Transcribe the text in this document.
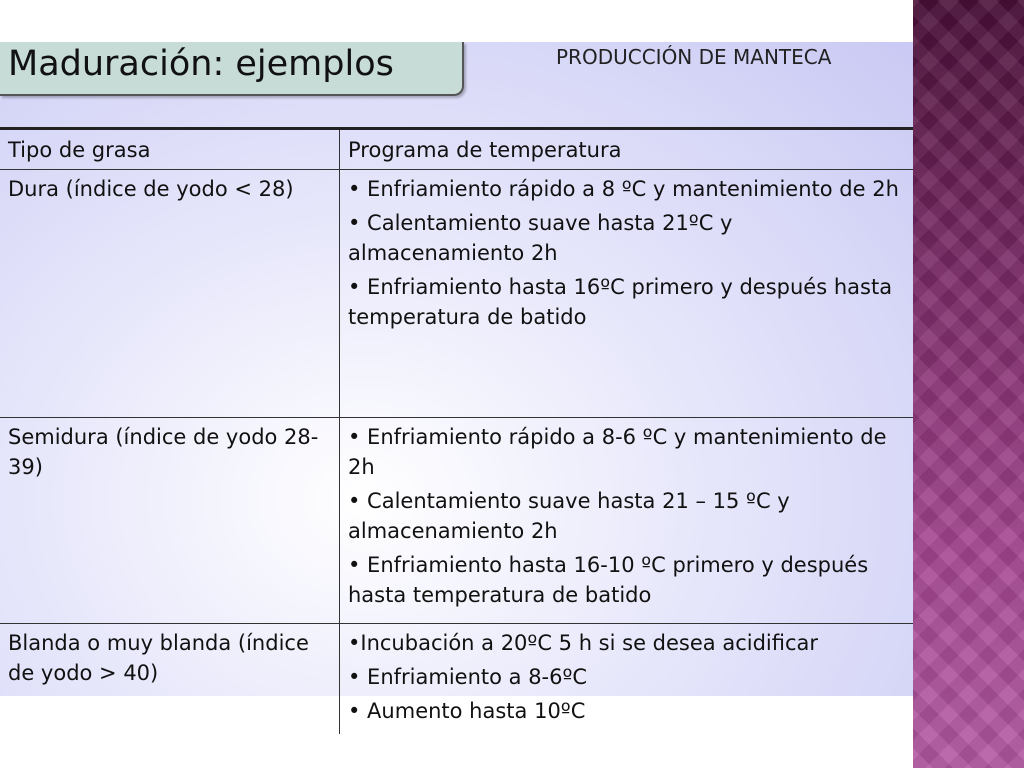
Maduración: ejemplos	PRODUCCIÓN DE MANTECA
Tipo de grasa	Programa de temperatura
Dura (índice de yodo < 28)	• Enfriamiento rápido a 8 ºC y mantenimiento de 2h
• Calentamiento suave hasta 21ºC y almacenamiento 2h
• Enfriamiento hasta 16ºC primero y después hasta temperatura de batido

Semidura (índice de yodo 28-39)	• Enfriamiento rápido a 8-6 ºC y mantenimiento de 2h
• Calentamiento suave hasta 21 – 15 ºC y almacenamiento 2h
• Enfriamiento hasta 16-10 ºC primero y después hasta temperatura de batido

Blanda o muy blanda (índice de yodo > 40)	•Incubación a 20ºC 5 h si se desea acidificar
• Enfriamiento a 8-6ºC
• Aumento hasta 10ºC
